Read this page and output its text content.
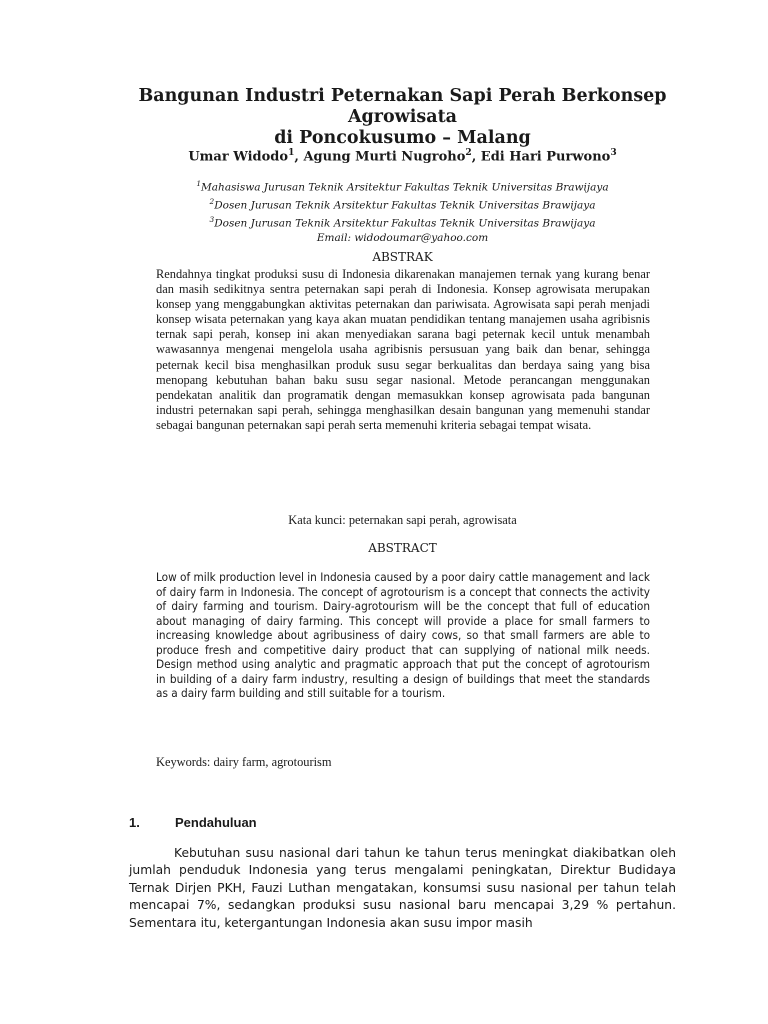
Bangunan Industri Peternakan Sapi Perah Berkonsep Agrowisata
di Poncokusumo – Malang
Umar Widodo$^1$, Agung Murti Nugroho$^2$, Edi Hari Purwono$^3$
$^1$Mahasiswa Jurusan Teknik Arsitektur Fakultas Teknik Universitas Brawijaya
$^2$Dosen Jurusan Teknik Arsitektur Fakultas Teknik Universitas Brawijaya
$^3$Dosen Jurusan Teknik Arsitektur Fakultas Teknik Universitas Brawijaya
Email: widodoumar@yahoo.com
ABSTRAK

Rendahnya tingkat produksi susu di Indonesia dikarenakan manajemen ternak yang kurang benar dan masih sedikitnya sentra peternakan sapi perah di Indonesia. Konsep agrowisata merupakan konsep yang menggabungkan aktivitas peternakan dan pariwisata. Agrowisata sapi perah menjadi konsep wisata peternakan yang kaya akan muatan pendidikan tentang manajemen usaha agribisnis ternak sapi perah, konsep ini akan menyediakan sarana bagi peternak kecil untuk menambah wawasannya mengenai mengelola usaha agribisnis persusuan yang baik dan benar, sehingga peternak kecil bisa menghasilkan produk susu segar berkualitas dan berdaya saing yang bisa menopang kebutuhan bahan baku susu segar nasional. Metode perancangan menggunakan pendekatan analitik dan programatik dengan memasukkan konsep agrowisata pada bangunan industri peternakan sapi perah, sehingga menghasilkan desain bangunan yang memenuhi standar sebagai bangunan peternakan sapi perah serta memenuhi kriteria sebagai tempat wisata.

Kata kunci: peternakan sapi perah, agrowisata
ABSTRACT

Low of milk production level in Indonesia caused by a poor dairy cattle management and lack of dairy farm in Indonesia. The concept of agrotourism is a concept that connects the activity of dairy farming and tourism. Dairy-agrotourism will be the concept that full of education about managing of dairy farming. This concept will provide a place for small farmers to increasing knowledge about agribusiness of dairy cows, so that small farmers are able to produce fresh and competitive dairy product that can supplying of national milk needs. Design method using analytic and pragmatic approach that put the concept of agrotourism in building of a dairy farm industry, resulting a design of buildings that meet the standards as a dairy farm building and still suitable for a tourism.

Keywords: dairy farm, agrotourism
1.	Pendahuluan

Kebutuhan susu nasional dari tahun ke tahun terus meningkat diakibatkan oleh jumlah penduduk Indonesia yang terus mengalami peningkatan, Direktur Budidaya Ternak Dirjen PKH, Fauzi Luthan mengatakan, konsumsi susu nasional per tahun telah mencapai 7%, sedangkan produksi susu nasional baru mencapai 3,29 % pertahun. Sementara itu, ketergantungan Indonesia akan susu impor masih
